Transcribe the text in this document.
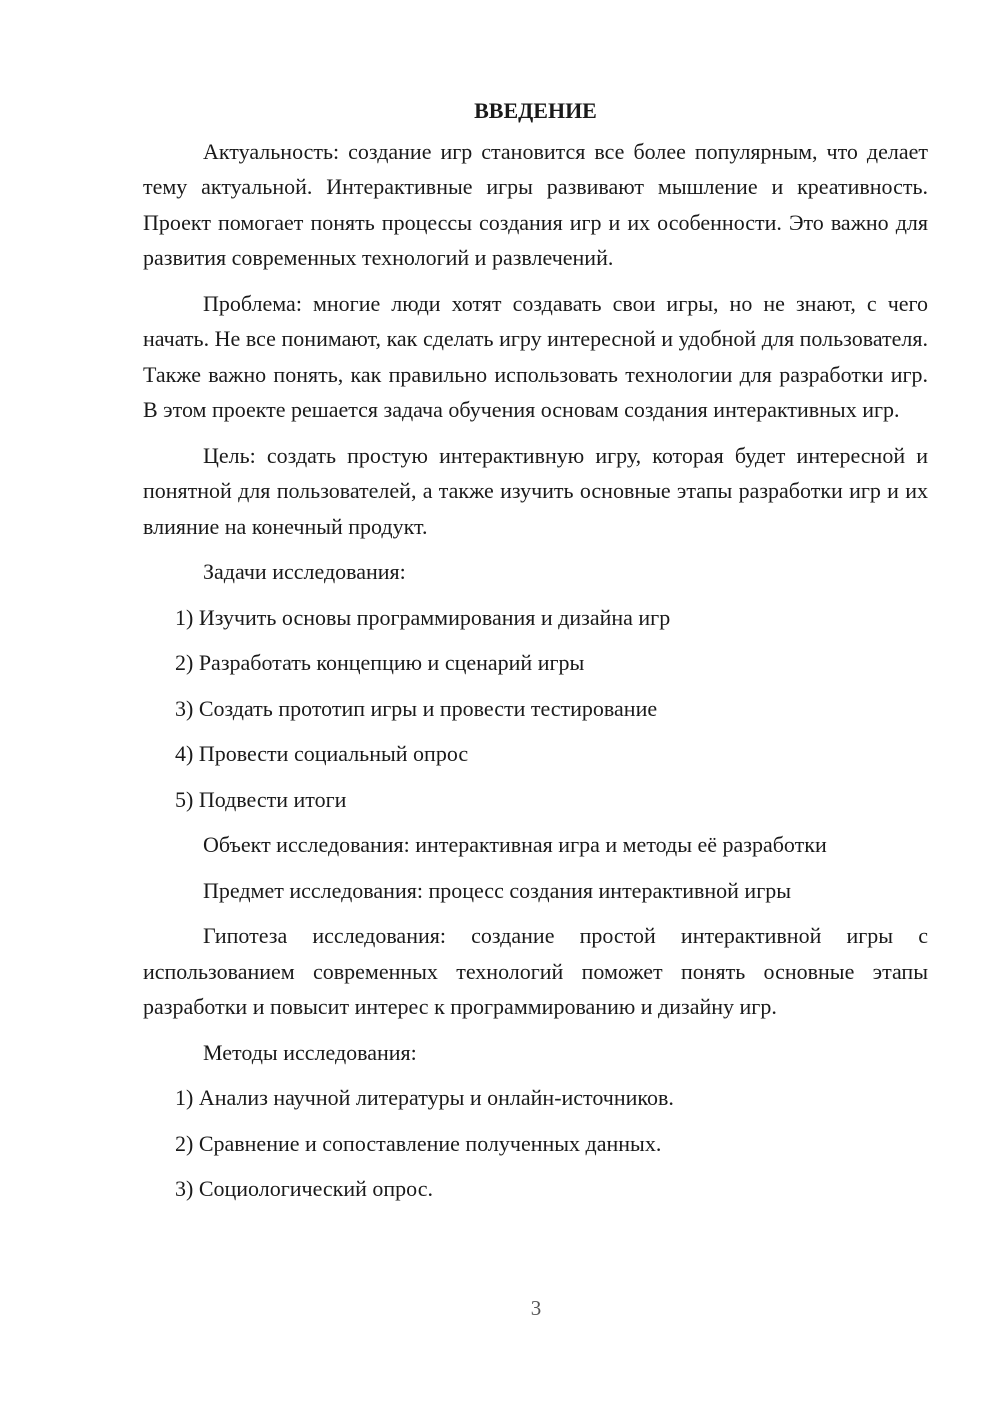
ВВЕДЕНИЕ

Актуальность: создание игр становится все более популярным, что делает тему актуальной. Интерактивные игры развивают мышление и креативность. Проект помогает понять процессы создания игр и их особенности. Это важно для развития современных технологий и развлечений.

Проблема: многие люди хотят создавать свои игры, но не знают, с чего начать. Не все понимают, как сделать игру интересной и удобной для пользователя. Также важно понять, как правильно использовать технологии для разработки игр. В этом проекте решается задача обучения основам создания интерактивных игр.

Цель: создать простую интерактивную игру, которая будет интересной и понятной для пользователей, а также изучить основные этапы разработки игр и их влияние на конечный продукт.

Задачи исследования:

1) Изучить основы программирования и дизайна игр
2) Разработать концепцию и сценарий игры
3) Создать прототип игры и провести тестирование
4) Провести социальный опрос
5) Подвести итоги

Объект исследования: интерактивная игра и методы её разработки

Предмет исследования: процесс создания интерактивной игры

Гипотеза исследования: создание простой интерактивной игры с использованием современных технологий поможет понять основные этапы разработки и повысит интерес к программированию и дизайну игр.

Методы исследования:

1) Анализ научной литературы и онлайн-источников.
2) Сравнение и сопоставление полученных данных.
3) Социологический опрос.
3
